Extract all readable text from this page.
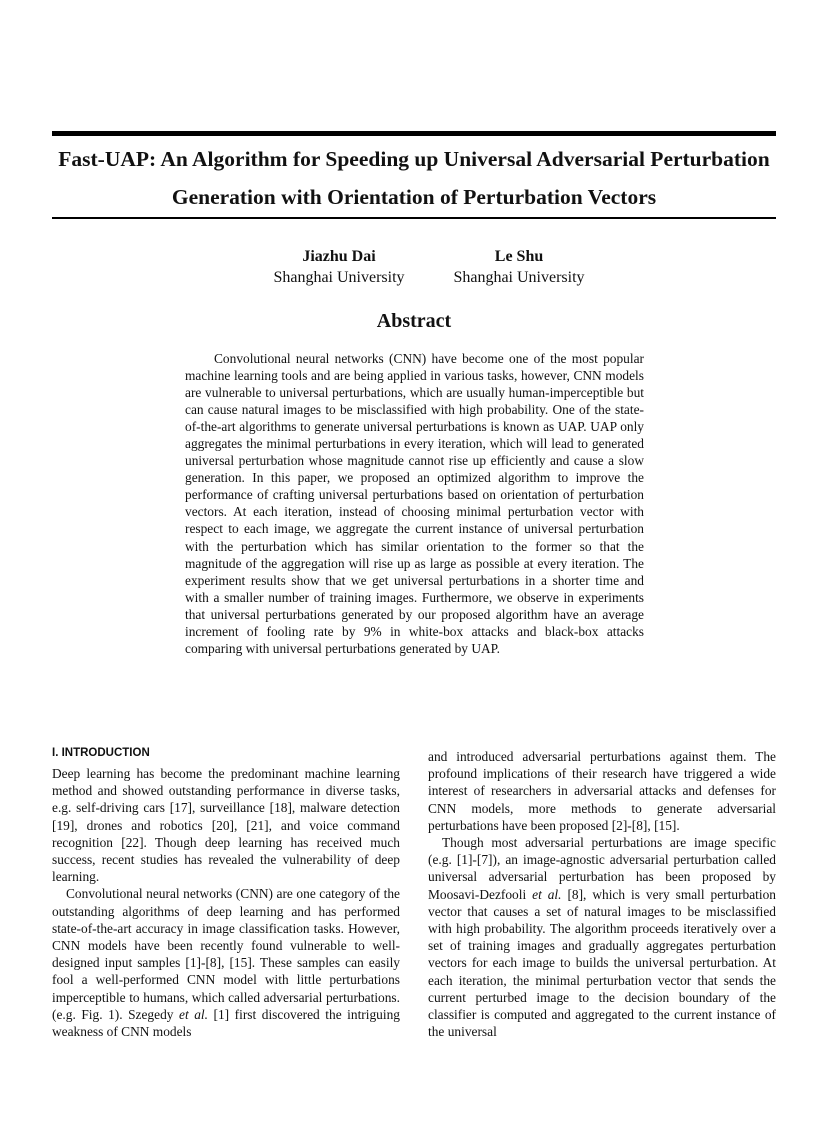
Fast-UAP: An Algorithm for Speeding up Universal Adversarial Perturbation Generation with Orientation of Perturbation Vectors
Jiazhu Dai
Shanghai University
Le Shu
Shanghai University
Abstract

Convolutional neural networks (CNN) have become one of the most popular machine learning tools and are being applied in various tasks, however, CNN models are vulnerable to universal perturbations, which are usually human-imperceptible but can cause natural images to be misclassified with high probability. One of the state-of-the-art algorithms to generate universal perturbations is known as UAP. UAP only aggregates the minimal perturbations in every iteration, which will lead to generated universal perturbation whose magnitude cannot rise up efficiently and cause a slow generation. In this paper, we proposed an optimized algorithm to improve the performance of crafting universal perturbations based on orientation of perturbation vectors. At each iteration, instead of choosing minimal perturbation vector with respect to each image, we aggregate the current instance of universal perturbation with the perturbation which has similar orientation to the former so that the magnitude of the aggregation will rise up as large as possible at every iteration. The experiment results show that we get universal perturbations in a shorter time and with a smaller number of training images. Furthermore, we observe in experiments that universal perturbations generated by our proposed algorithm have an average increment of fooling rate by 9% in white-box attacks and black-box attacks comparing with universal perturbations generated by UAP.

I. INTRODUCTION

Deep learning has become the predominant machine learning method and showed outstanding performance in diverse tasks, e.g. self-driving cars [17], surveillance [18], malware detection [19], drones and robotics [20], [21], and voice command recognition [22]. Though deep learning has received much success, recent studies has revealed the vulnerability of deep learning.

Convolutional neural networks (CNN) are one category of the outstanding algorithms of deep learning and has performed state-of-the-art accuracy in image classification tasks. However, CNN models have been recently found vulnerable to well-designed input samples [1]-[8], [15]. These samples can easily fool a well-performed CNN model with little perturbations imperceptible to humans, which called adversarial perturbations. (e.g. Fig. 1). Szegedy et al. [1] first discovered the intriguing weakness of CNN models

and introduced adversarial perturbations against them. The profound implications of their research have triggered a wide interest of researchers in adversarial attacks and defenses for CNN models, more methods to generate adversarial perturbations have been proposed [2]-[8], [15].

Though most adversarial perturbations are image specific (e.g. [1]-[7]), an image-agnostic adversarial perturbation called universal adversarial perturbation has been proposed by Moosavi-Dezfooli et al. [8], which is very small perturbation vector that causes a set of natural images to be misclassified with high probability. The algorithm proceeds iteratively over a set of training images and gradually aggregates perturbation vectors for each image to builds the universal perturbation. At each iteration, the minimal perturbation vector that sends the current perturbed image to the decision boundary of the classifier is computed and aggregated to the current instance of the universal
